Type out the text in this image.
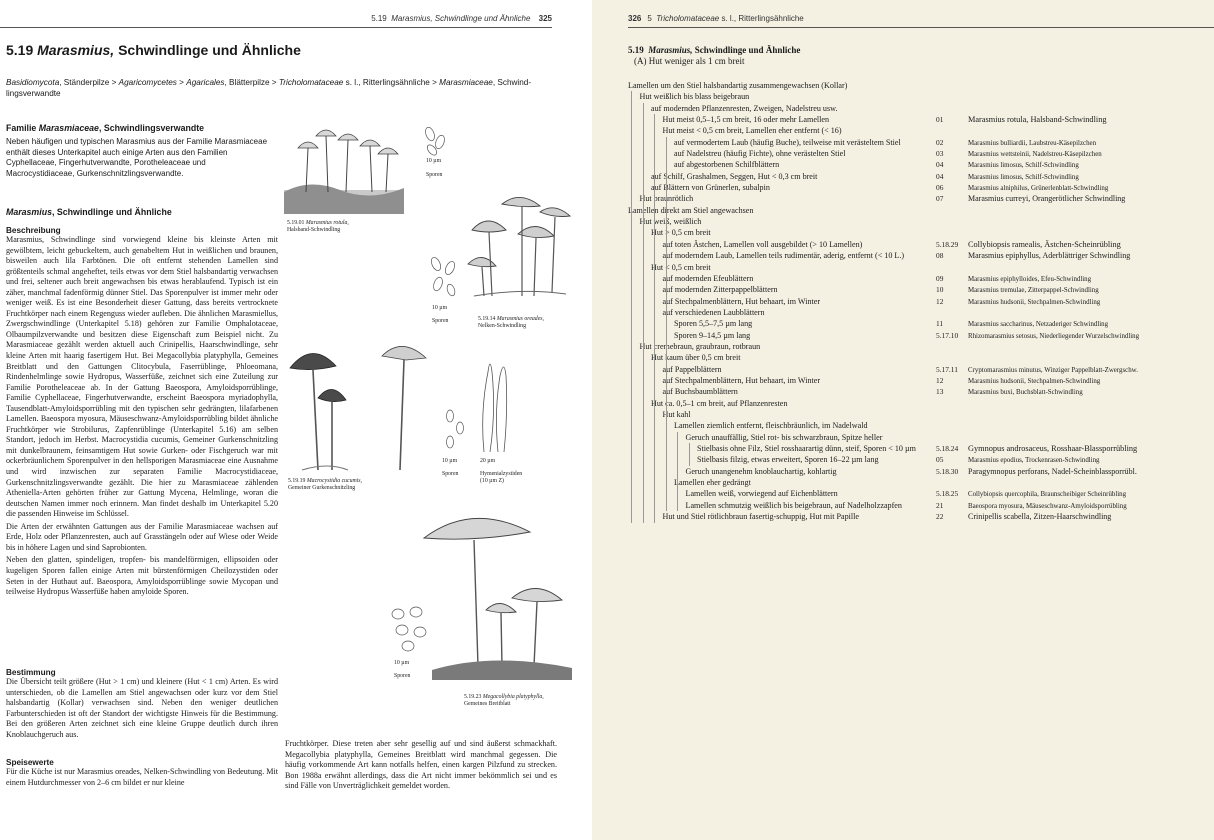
5.19 Marasmius, Schwindlinge und Ähnliche 325
5.19 Marasmius, Schwindlinge und Ähnliche
Basidiomycota, Ständerpilze > Agaricomycetes > Agaricales, Blätterpilze > Tricholomataceae s. l., Ritterlingsähnliche > Marasmiaceae, Schwind-
lingsverwandte
Familie Marasmiaceae, Schwindlingsverwandte
Neben häufigen und typischen Marasmius aus der Familie Marasmiaceae enthält dieses Unterkapitel auch einige Arten aus den Familien Cyphellaceae, Fingerhutverwandte, Porotheleaceae und Macrocystidiaceae, Gurkenschnitzlingsverwandte.
Marasmius, Schwindlinge und Ähnliche
Beschreibung

Marasmius, Schwindlinge sind vorwiegend kleine bis kleinste Arten mit gewölbtem, leicht gebuckeltem, auch genabeltem Hut in weißlichen und braunen, bisweilen auch lila Farbtönen. Die oft entfernt stehenden Lamellen sind größtenteils schmal angeheftet, teils etwas vor dem Stiel halsbandartig verwachsen und frei, seltener auch breit angewachsen bis etwas herablaufend. Typisch ist ein zäher, manchmal fadenförmig dünner Stiel. Das Sporenpulver ist immer mehr oder weniger weiß. Es ist eine Besonderheit dieser Gattung, dass bereits vertrocknete Fruchtkörper nach einem Regenguss wieder aufleben. Die ähnlichen Marasmiellus, Zwergschwindlinge (Unterkapitel 5.18) gehören zur Familie Omphalotaceae, Olbaumpilzverwandte und besitzen diese Eigenschaft zum Beispiel nicht. Zu Marasmiaceae gezählt werden aktuell auch Crinipellis, Haarschwindlinge, sehr kleine Arten mit haarig fasertigem Hut. Bei Megacollybia platyphylla, Gemeines Breitblatt und den Gattungen Clitocybula, Faserrüblinge, Phloeomana, Rindenhelmlinge sowie Hydropus, Wasserfüße, zeichnet sich eine Zuteilung zur Familie Porotheleaceae ab. In der Gattung Baeospora, Amyloidsporrüblinge, Familie Cyphellaceae, Fingerhutverwandte, erscheint Baeospora myriadophylla, Tausendblatt-Amyloidsporrübling mit den typischen sehr gedrängten, lilafarbenen Lamellen. Baeospora myosura, Mäuseschwanz-Amyloidsporrübling bildet ähnliche Fruchtkörper wie Strobilurus, Zapfenrüblinge (Unterkapitel 5.16) am selben Standort, jedoch im Herbst. Macrocystidia cucumis, Gemeiner Gurkenschnitzling mit dunkelbraunem, feinsamtigem Hut sowie Gurken- oder Fischgeruch war mit ockerbräunlichem Sporenpulver in den hellsporigen Marasmiaceae eine Ausnahme und wird inzwischen zur separaten Familie Macrocystidiaceae, Gurkenschnitzlingsverwandte gezählt. Die hier zu Marasmiaceae zählenden Atheniella-Arten gehörten früher zur Gattung Mycena, Helmlinge, woran die deutschen Namen immer noch erinnern. Man findet deshalb im Unterkapitel 5.20 die passenden Hinweise im Schlüssel.

Die Arten der erwähnten Gattungen aus der Familie Marasmiaceae wachsen auf Erde, Holz oder Pflanzenresten, auch auf Grasstängeln oder auf Wiese oder Weide bis in höhere Lagen und sind Saprobionten.

Neben den glatten, spindeligen, tropfen- bis mandelförmigen, ellipsoiden oder kugeligen Sporen fallen einige Arten mit bürstenförmigen Cheilozystiden oder Seten in der Huthaut auf. Baeospora, Amyloidsporrüblinge sowie Mycopan und teilweise Hydropus Wasserfüße haben amyloide Sporen.

Bestimmung

Die Übersicht teilt größere (Hut > 1 cm) und kleinere (Hut < 1 cm) Arten. Es wird unterschieden, ob die Lamellen am Stiel angewachsen oder kurz vor dem Stiel halsbandartig (Kollar) verwachsen sind. Neben den weniger deutlichen Farbunterschieden ist oft der Standort der wichtigste Hinweis für die Bestimmung. Bei den größeren Arten zeichnet sich eine kleine Gruppe deutlich durch ihren Knoblauchgeruch aus.

Speisewerte

Für die Küche ist nur Marasmius oreades, Nelken-Schwindling von Bedeutung. Mit einem Hutdurchmesser von 2–6 cm bildet er nur kleine

Fruchtkörper. Diese treten aber sehr gesellig auf und sind äußerst schmackhaft. Megacollybia platyphylla, Gemeines Breitblatt wird manchmal gegessen. Die häufig vorkommende Art kann notfalls helfen, einen kargen Pilzfund zu strecken. Bon 1988a erwähnt allerdings, dass die Art nicht immer bekömmlich sei und es sind Fälle von Unverträglichkeit gemeldet worden.
5.19.01 Marasmius rotula,
Halsband-Schwindling
10 µm
Sporen
5.19.14 Marasmius oreades,
Nelken-Schwindling
10 µm
Sporen
5.19.19 Macrocystidia cucumis,
Gemeiner Gurkenschnitzling
10 µm
Sporen
20 µm
Hymenialzystiden
(10 µm Z)
5.19.23 Megacollybia platyphylla,
Gemeines Breitblatt
10 µm
Sporen
326 5 Tricholomataceae s. l., Ritterlingsähnliche
5.19 Marasmius, Schwindlinge und Ähnliche
(A) Hut weniger als 1 cm breit
Lamellen um den Stiel halsbandartig zusammengewachsen (Kollar)
Hut weißlich bis blass beigebraun
auf modernden Pflanzenresten, Zweigen, Nadelstreu usw.
Hut meist 0,5–1,5 cm breit, 16 oder mehr Lamellen	01	Marasmius rotula, Halsband-Schwindling
Hut meist < 0,5 cm breit, Lamellen eher entfernt (< 16)
auf vermodertem Laub (häufig Buche), teilweise mit verästeltem Stiel	02	Marasmius bulliardii, Laubstreu-Käsepilzchen
auf Nadelstreu (häufig Fichte), ohne verästelten Stiel	03	Marasmius wettsteinii, Nadelstreu-Käsepilzchen
auf abgestorbenen Schilfblättern	04	Marasmius limosus, Schilf-Schwindling
auf Schilf, Grashalmen, Seggen, Hut < 0,3 cm breit	04	Marasmius limosus, Schilf-Schwindling
auf Blättern von Grünerlen, subalpin	06	Marasmius alniphilus, Grünerlenblatt-Schwindling
Hut braunrötlich	07	Marasmius curreyi, Orangerötlicher Schwindling
Lamellen direkt am Stiel angewachsen
Hut weiß, weißlich
Hut > 0,5 cm breit
auf toten Ästchen, Lamellen voll ausgebildet (> 10 Lamellen)	5.18.29 Collybiopsis ramealis, Ästchen-Scheinrübling
auf moderndem Laub, Lamellen teils rudimentär, aderig, entfernt (< 10 L.)	08	Marasmius epiphyllus, Aderblättriger Schwindling
Hut < 0,5 cm breit
auf modernden Efeublättern	09	Marasmius epiphylloides, Efeu-Schwindling
auf modernden Zitterpappelblättern	10	Marasmius tremulae, Zitterpappel-Schwindling
auf Stechpalmenblättern, Hut behaart, im Winter	12	Marasmius hudsonii, Stechpalmen-Schwindling
auf verschiedenen Laubblättern
Sporen 5,5–7,5 µm lang	11	Marasmius saccharinus, Netzaderiger Schwindling
Sporen 9–14,5 µm lang	5.17.10 Rhizomarasmius setosus, Niederliegender Wurzelschwindling
Hut cremebraun, graubraun, rotbraun
Hut kaum über 0,5 cm breit
auf Pappelblättern	5.17.11 Cryptomarasmius minutus, Winziger Pappelblatt-Zwergschw.
auf Stechpalmenblättern, Hut behaart, im Winter	12	Marasmius hudsonii, Stechpalmen-Schwindling
auf Buchsbaumblättern	13	Marasmius buxi, Buchsblatt-Schwindling
Hut ca. 0,5–1 cm breit, auf Pflanzenresten
Hut kahl
Lamellen ziemlich entfernt, fleischbräunlich, im Nadelwald
Geruch unauffällig, Stiel rot- bis schwarzbraun, Spitze heller
Stielbasis ohne Filz, Stiel rosshaarartig dünn, steif, Sporen < 10 µm	5.18.24 Gymnopus androsaceus, Rosshaar-Blassporrübling
Stielbasis filzig, etwas erweitert, Sporen 16–22 µm lang	05	Marasmius epodius, Trockenrasen-Schwindling
Geruch unangenehm knoblauchartig, kohlartig	5.18.30 Paragymnopus perforans, Nadel-Scheinblassporrübl.
Lamellen eher gedrängt
Lamellen weiß, vorwiegend auf Eichenblättern	5.18.25 Collybiopsis quercophila, Braunscheibiger Scheinrübling
Lamellen schmutzig weißlich bis beigebraun, auf Nadelholzzapfen	21	Baeospora myosura, Mäuseschwanz-Amyloidsporrübling
Hut und Stiel rötlichbraun fasertig-schuppig, Hut mit Papille	22	Crinipellis scabella, Zitzen-Haarschwindling
